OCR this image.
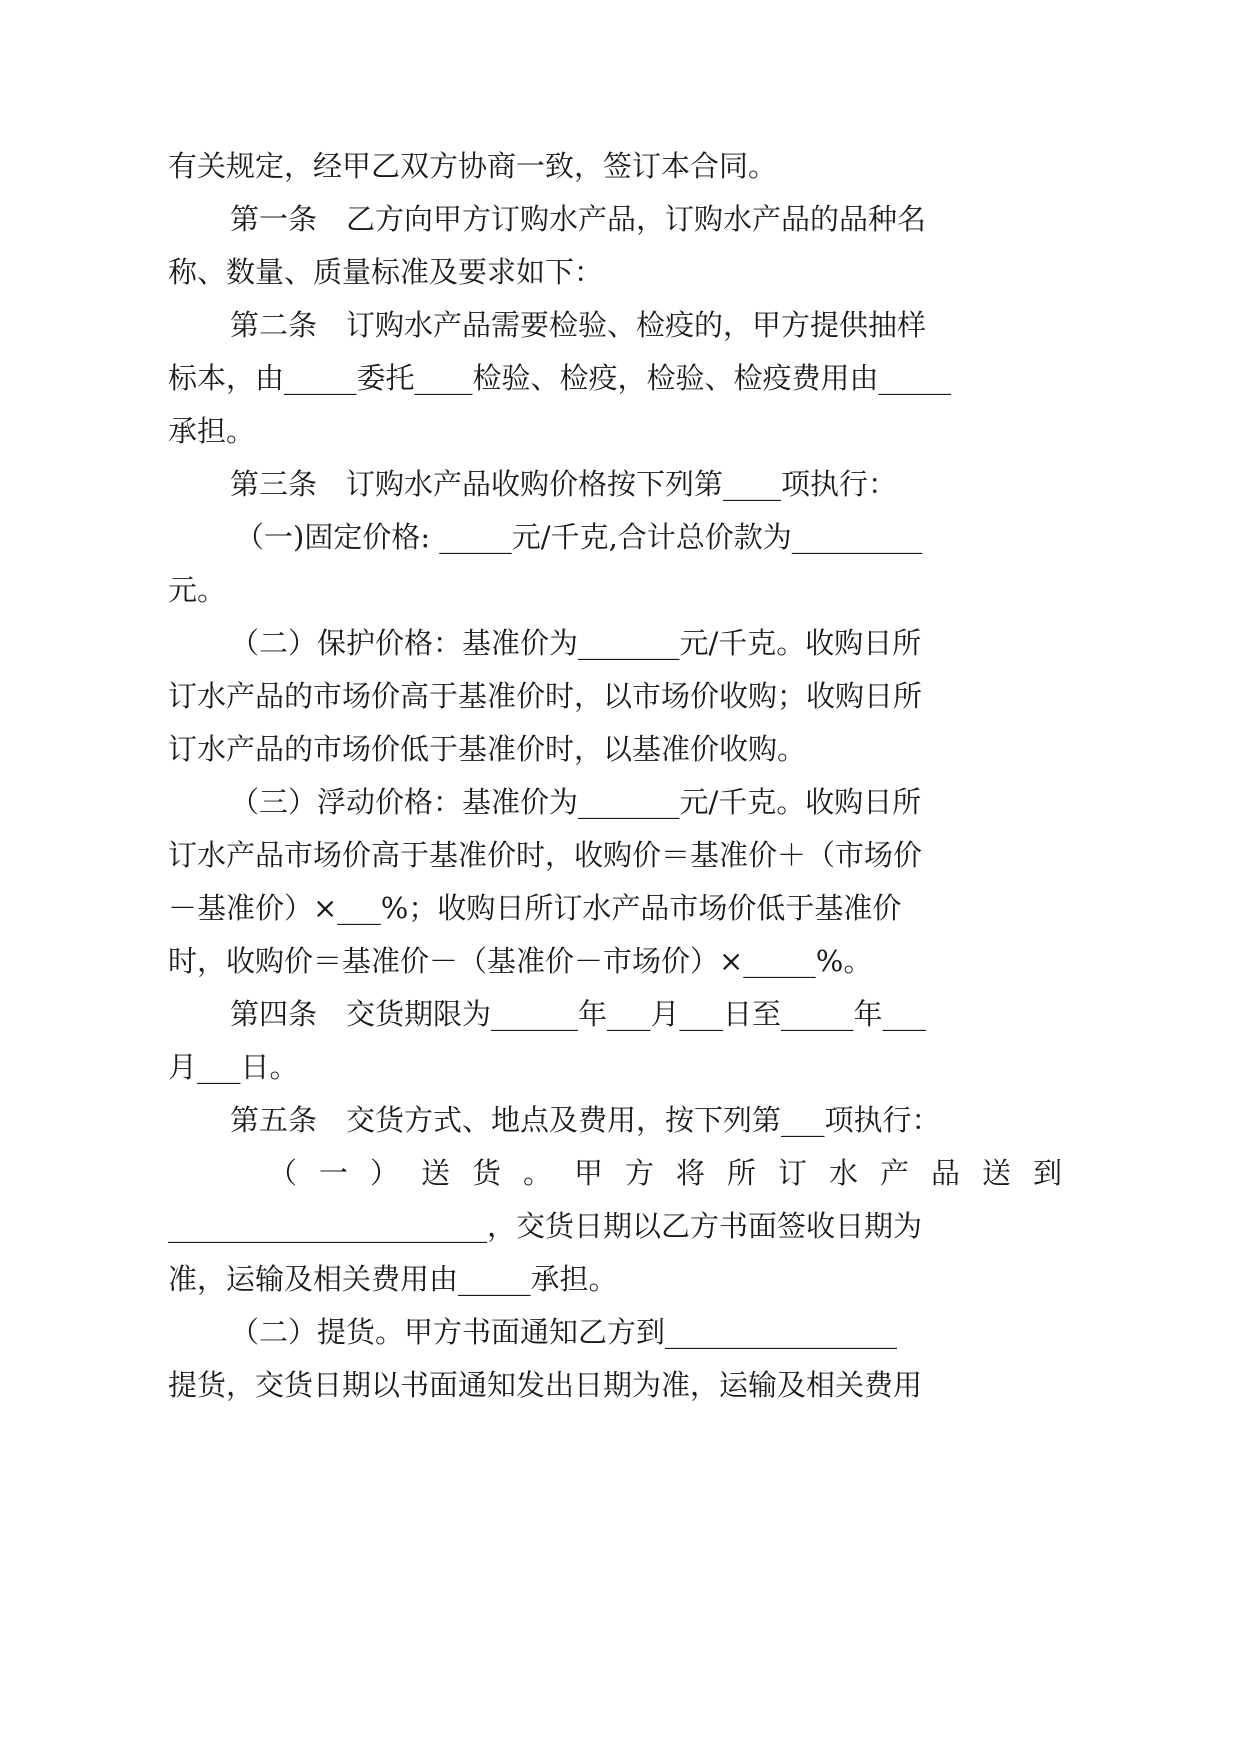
有关规定，经甲乙双方协商一致，签订本合同。
第一条　乙方向甲方订购水产品，订购水产品的品种名
称、数量、质量标准及要求如下：
第二条　订购水产品需要检验、检疫的，甲方提供抽样
标本，由_____委托____检验、检疫，检验、检疫费用由_____
承担。
第三条　订购水产品收购价格按下列第____项执行：
（一)固定价格: _____元/千克,合计总价款为_________
元。
（二）保护价格：基准价为_______元/千克。收购日所
订水产品的市场价高于基准价时，以市场价收购；收购日所
订水产品的市场价低于基准价时，以基准价收购。
（三）浮动价格：基准价为_______元/千克。收购日所
订水产品市场价高于基准价时，收购价＝基准价＋（市场价
－基准价）×___%；收购日所订水产品市场价低于基准价
时，收购价＝基准价－（基准价－市场价）×_____%。
第四条　交货期限为______年___月___日至_____年___
月___日。
第五条　交货方式、地点及费用，按下列第___项执行：
（一）送货。甲方将所订水产品送到
______________________，交货日期以乙方书面签收日期为
准，运输及相关费用由_____承担。
（二）提货。甲方书面通知乙方到________________
提货，交货日期以书面通知发出日期为准，运输及相关费用
